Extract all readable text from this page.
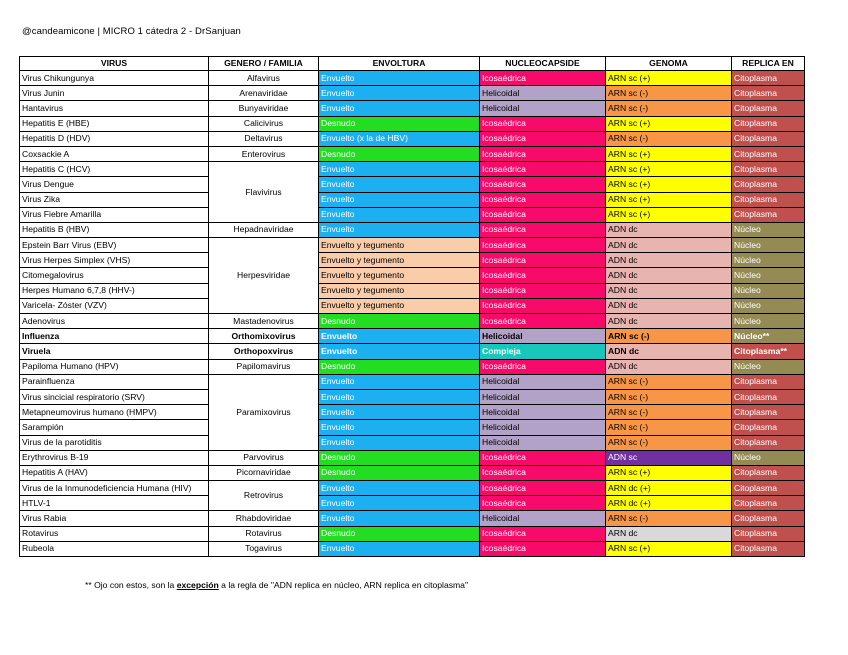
@candeamicone | MICRO 1 cátedra 2 - DrSanjuan
VIRUS	GENERO / FAMILIA	ENVOLTURA	NUCLEOCAPSIDE	GENOMA	REPLICA EN
Virus Chikungunya	Alfavirus	Envuelto	Icosaédrica	ARN sc (+)	Citoplasma
Virus Junin	Arenaviridae	Envuelto	Helicoidal	ARN sc (-)	Citoplasma
Hantavirus	Bunyaviridae	Envuelto	Helicoidal	ARN sc (-)	Citoplasma
Hepatitis E (HBE)	Calicivirus	Desnudo	Icosaédrica	ARN sc (+)	Citoplasma
Hepatitis D (HDV)	Deltavirus	Envuelto (x la de HBV)	Icosaédrica	ARN sc (-)	Citoplasma
Coxsackie A	Enterovirus	Desnudo	Icosaédrica	ARN sc (+)	Citoplasma
Hepatitis C (HCV)	Flavivirus	Envuelto	Icosaédrica	ARN sc (+)	Citoplasma
Virus Dengue		Envuelto	Icosaédrica	ARN sc (+)	Citoplasma
Virus Zika		Envuelto	Icosaédrica	ARN sc (+)	Citoplasma
Virus Fiebre Amarilla		Envuelto	Icosaédrica	ARN sc (+)	Citoplasma
Hepatitis B (HBV)	Hepadnaviridae	Envuelto	Icosaédrica	ADN dc	Núcleo
Epstein Barr Virus (EBV)	Herpesviridae	Envuelto y tegumento	Icosaédrica	ADN dc	Núcleo
Virus Herpes Simplex (VHS)		Envuelto y tegumento	Icosaédrica	ADN dc	Núcleo
Citomegalovirus		Envuelto y tegumento	Icosaédrica	ADN dc	Núcleo
Herpes Humano 6,7,8 (HHV-)		Envuelto y tegumento	Icosaédrica	ADN dc	Núcleo
Varicela- Zóster (VZV)		Envuelto y tegumento	Icosaédrica	ADN dc	Núcleo
Adenovirus	Mastadenovirus	Desnudo	Icosaédrica	ADN dc	Núcleo
Influenza	Orthomixovirus	Envuelto	Helicoidal	ARN sc (-)	Núcleo**
Viruela	Orthopoxvirus	Envuelto	Compleja	ADN dc	Citoplasma**
Papiloma Humano (HPV)	Papilomavirus	Desnudo	Icosaédrica	ADN dc	Núcleo
Parainfluenza	Paramixovirus	Envuelto	Helicoidal	ARN sc (-)	Citoplasma
Virus sincicial respiratorio (SRV)		Envuelto	Helicoidal	ARN sc (-)	Citoplasma
Metapneumovirus humano (HMPV)		Envuelto	Helicoidal	ARN sc (-)	Citoplasma
Sarampión		Envuelto	Helicoidal	ARN sc (-)	Citoplasma
Virus de la parotiditis		Envuelto	Helicoidal	ARN sc (-)	Citoplasma
Erythrovirus B-19	Parvovirus	Desnudo	Icosaédrica	ADN sc	Núcleo
Hepatitis A (HAV)	Picornaviridae	Desnudo	Icosaédrica	ARN sc (+)	Citoplasma
Virus de la Inmunodeficiencia Humana (HIV)	Retrovirus	Envuelto	Icosaédrica	ARN dc (+)	Citoplasma
HTLV-1		Envuelto	Icosaédrica	ARN dc (+)	Citoplasma
Virus Rabia	Rhabdoviridae	Envuelto	Helicoidal	ARN sc (-)	Citoplasma
Rotavirus	Rotavirus	Desnudo	Icosaédrica	ARN dc	Citoplasma
Rubeola	Togavirus	Envuelto	Icosaédrica	ARN sc (+)	Citoplasma
** Ojo con estos, son la excepción a la regla de "ADN replica en núcleo, ARN replica en citoplasma"
